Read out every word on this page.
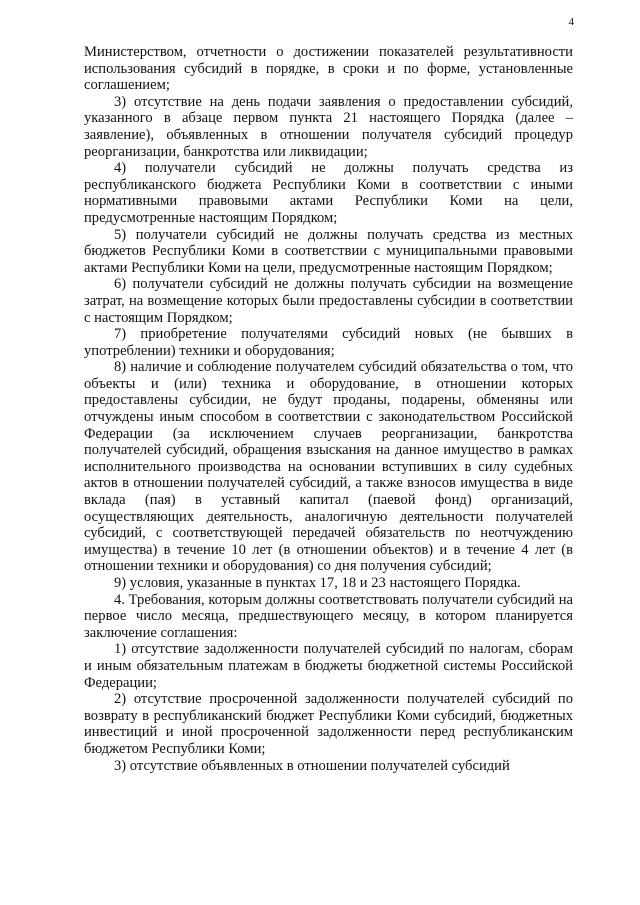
4

Министерством, отчетности о достижении показателей результативности использования субсидий в порядке, в сроки и по форме, установленные соглашением;

3) отсутствие на день подачи заявления о предоставлении субсидий, указанного в абзаце первом пункта 21 настоящего Порядка (далее – заявление), объявленных в отношении получателя субсидий процедур реорганизации, банкротства или ликвидации;

4) получатели субсидий не должны получать средства из республиканского бюджета Республики Коми в соответствии с иными нормативными правовыми актами Республики Коми на цели, предусмотренные настоящим Порядком;

5) получатели субсидий не должны получать средства из местных бюджетов Республики Коми в соответствии с муниципальными правовыми актами Республики Коми на цели, предусмотренные настоящим Порядком;

6) получатели субсидий не должны получать субсидии на возмещение затрат, на возмещение которых были предоставлены субсидии в соответствии с настоящим Порядком;

7) приобретение получателями субсидий новых (не бывших в употреблении) техники и оборудования;

8) наличие и соблюдение получателем субсидий обязательства о том, что объекты и (или) техника и оборудование, в отношении которых предоставлены субсидии, не будут проданы, подарены, обменяны или отчуждены иным способом в соответствии с законодательством Российской Федерации (за исключением случаев реорганизации, банкротства получателей субсидий, обращения взыскания на данное имущество в рамках исполнительного производства на основании вступивших в силу судебных актов в отношении получателей субсидий, а также взносов имущества в виде вклада (пая) в уставный капитал (паевой фонд) организаций, осуществляющих деятельность, аналогичную деятельности получателей субсидий, с соответствующей передачей обязательств по неотчуждению имущества) в течение 10 лет (в отношении объектов) и в течение 4 лет (в отношении техники и оборудования) со дня получения субсидий;

9) условия, указанные в пунктах 17, 18 и 23 настоящего Порядка.

4. Требования, которым должны соответствовать получатели субсидий на первое число месяца, предшествующего месяцу, в котором планируется заключение соглашения:

1) отсутствие задолженности получателей субсидий по налогам, сборам и иным обязательным платежам в бюджеты бюджетной системы Российской Федерации;

2) отсутствие просроченной задолженности получателей субсидий по возврату в республиканский бюджет Республики Коми субсидий, бюджетных инвестиций и иной просроченной задолженности перед республиканским бюджетом Республики Коми;

3) отсутствие объявленных в отношении получателей субсидий
